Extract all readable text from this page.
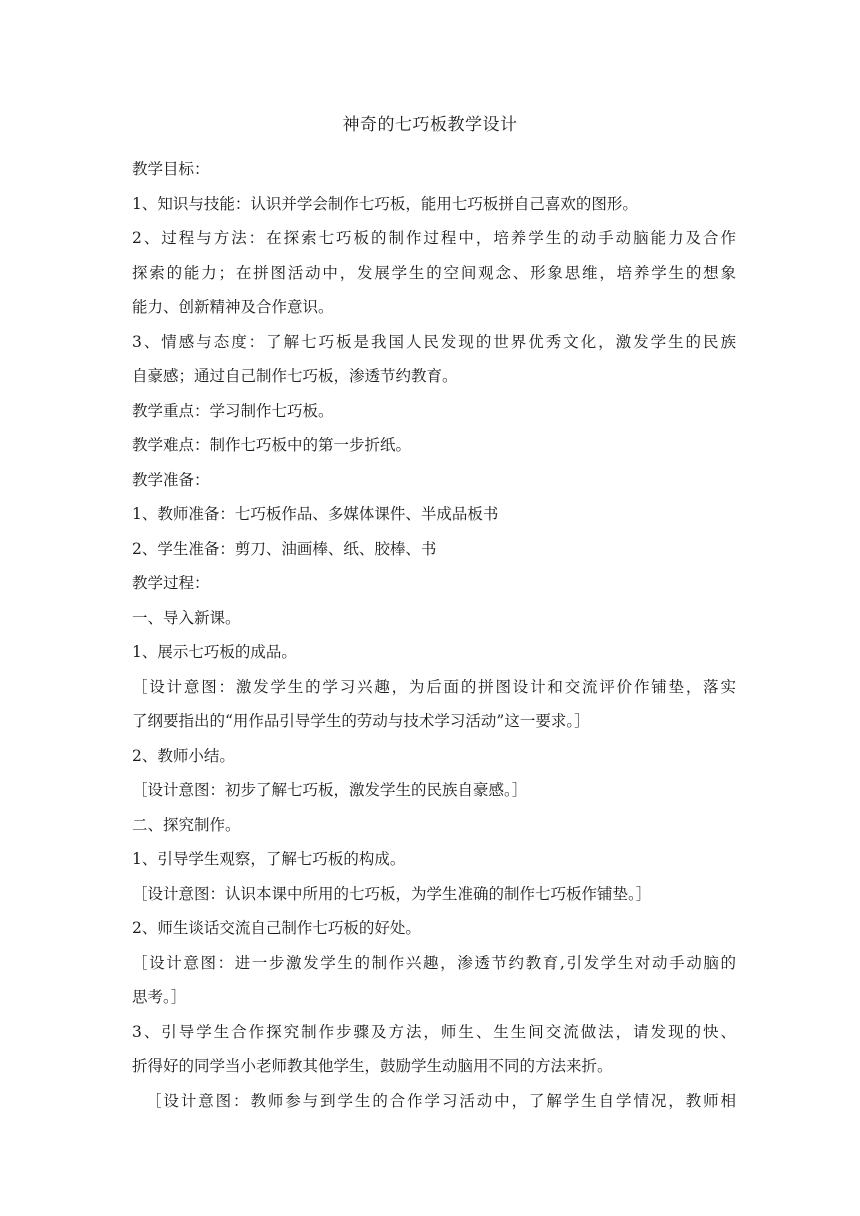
神奇的七巧板教学设计
教学目标：
1、知识与技能：认识并学会制作七巧板，能用七巧板拼自己喜欢的图形。
2、过程与方法：在探索七巧板的制作过程中，培养学生的动手动脑能力及合作
探索的能力；在拼图活动中，发展学生的空间观念、形象思维，培养学生的想象
能力、创新精神及合作意识。
3、情感与态度：了解七巧板是我国人民发现的世界优秀文化，激发学生的民族
自豪感；通过自己制作七巧板，渗透节约教育。
教学重点：学习制作七巧板。
教学难点：制作七巧板中的第一步折纸。
教学准备：
1、教师准备：七巧板作品、多媒体课件、半成品板书
2、学生准备：剪刀、油画棒、纸、胶棒、书
教学过程：
一、导入新课。
1、展示七巧板的成品。
［设计意图：激发学生的学习兴趣，为后面的拼图设计和交流评价作铺垫，落实
了纲要指出的“用作品引导学生的劳动与技术学习活动”这一要求。］
2、教师小结。
［设计意图：初步了解七巧板，激发学生的民族自豪感。］
二、探究制作。
1、引导学生观察，了解七巧板的构成。
［设计意图：认识本课中所用的七巧板，为学生准确的制作七巧板作铺垫。］
2、师生谈话交流自己制作七巧板的好处。
［设计意图：进一步激发学生的制作兴趣，渗透节约教育,引发学生对动手动脑的
思考。］
3、引导学生合作探究制作步骤及方法，师生、生生间交流做法，请发现的快、
折得好的同学当小老师教其他学生，鼓励学生动脑用不同的方法来折。
［设计意图：教师参与到学生的合作学习活动中，了解学生自学情况，教师相
